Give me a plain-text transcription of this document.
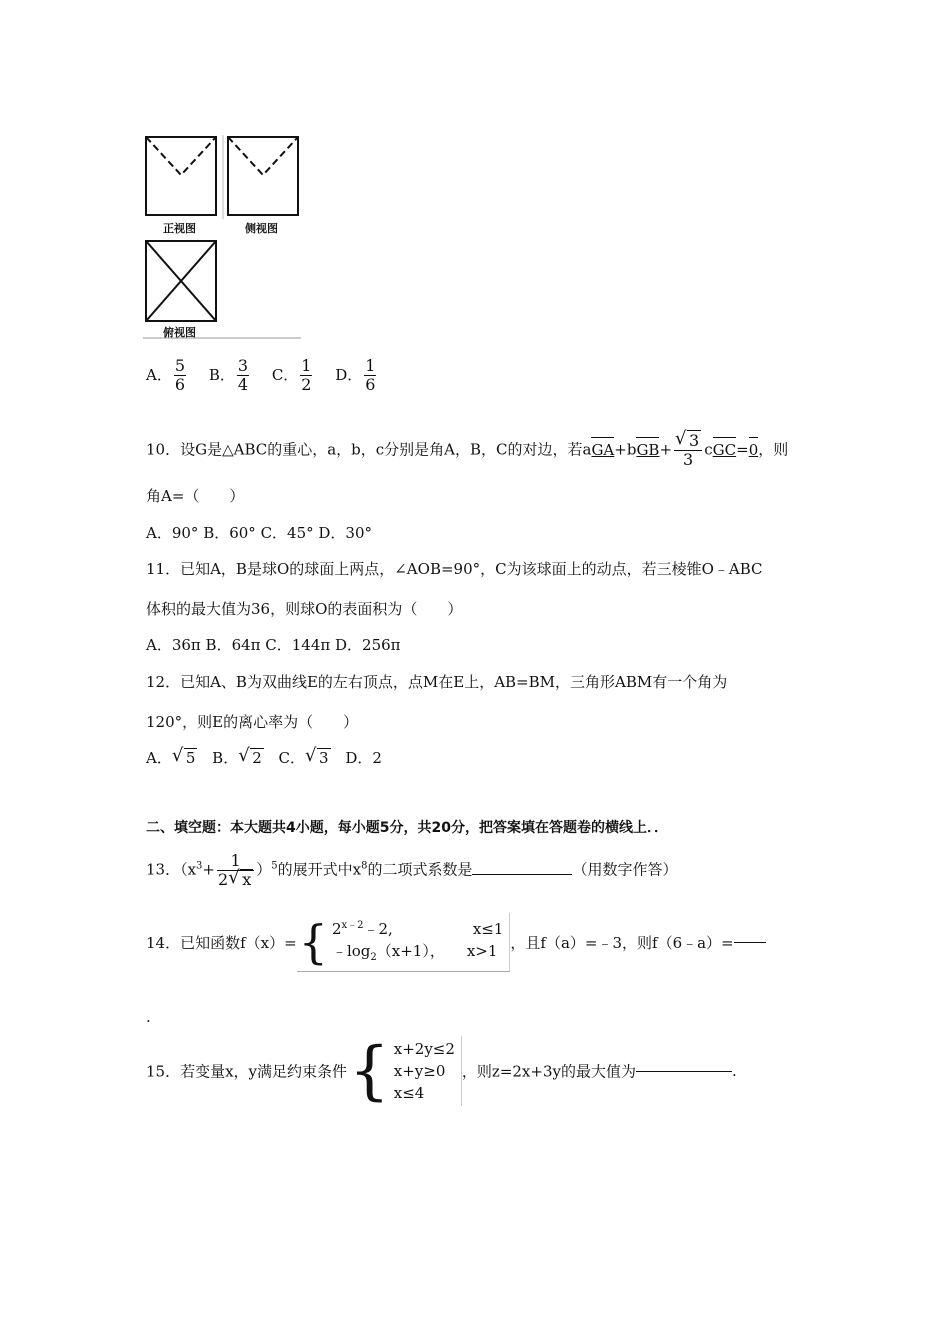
正视图	侧视图
俯视图
A． $\frac{5}{6}$ B． $\frac{3}{4}$ C． $\frac{1}{2}$ D． $\frac{1}{6}$
10．设G是△ABC的重心，a，b，c分别是角A，B，C的对边，若$aGA+bGB+ \frac{√ 3}{3} cGC=0$，则
角A=（　　）
A．90° B．60° C．45° D．30°
11．已知A，B是球O的球面上两点，∠AOB=90°，C为该球面上的动点，若三棱锥O﹣ABC
体积的最大值为36，则球O的表面积为（　　）
A．36π B．64π C．144π D．256π
12．已知A、B为双曲线E的左右顶点，点M在E上，AB=BM，三角形ABM有一个角为
120°，则E的离心率为（　　）
A． √ 5 B． √ 2 C． √ 3 D．2
二、填空题：本大题共4小题，每小题5分，共20分，把答案填在答题卷的横线上．．
13．$(x^3+ \frac{1}{2 √ x} )^5$的展开式中$x^8$的二项式系数是	（用数字作答）
14．已知函数f（x）= { $2^{x﹣2}﹣2$,	x≤1
$﹣\log_2(x+1)$， x>1 ，且f（a）=﹣3，则f（6﹣a）=
.
15．若变量x，y满足约束条件 { x+2y≤2
x+y≥0
x≤4
，则z=2x+3y的最大值为	.
